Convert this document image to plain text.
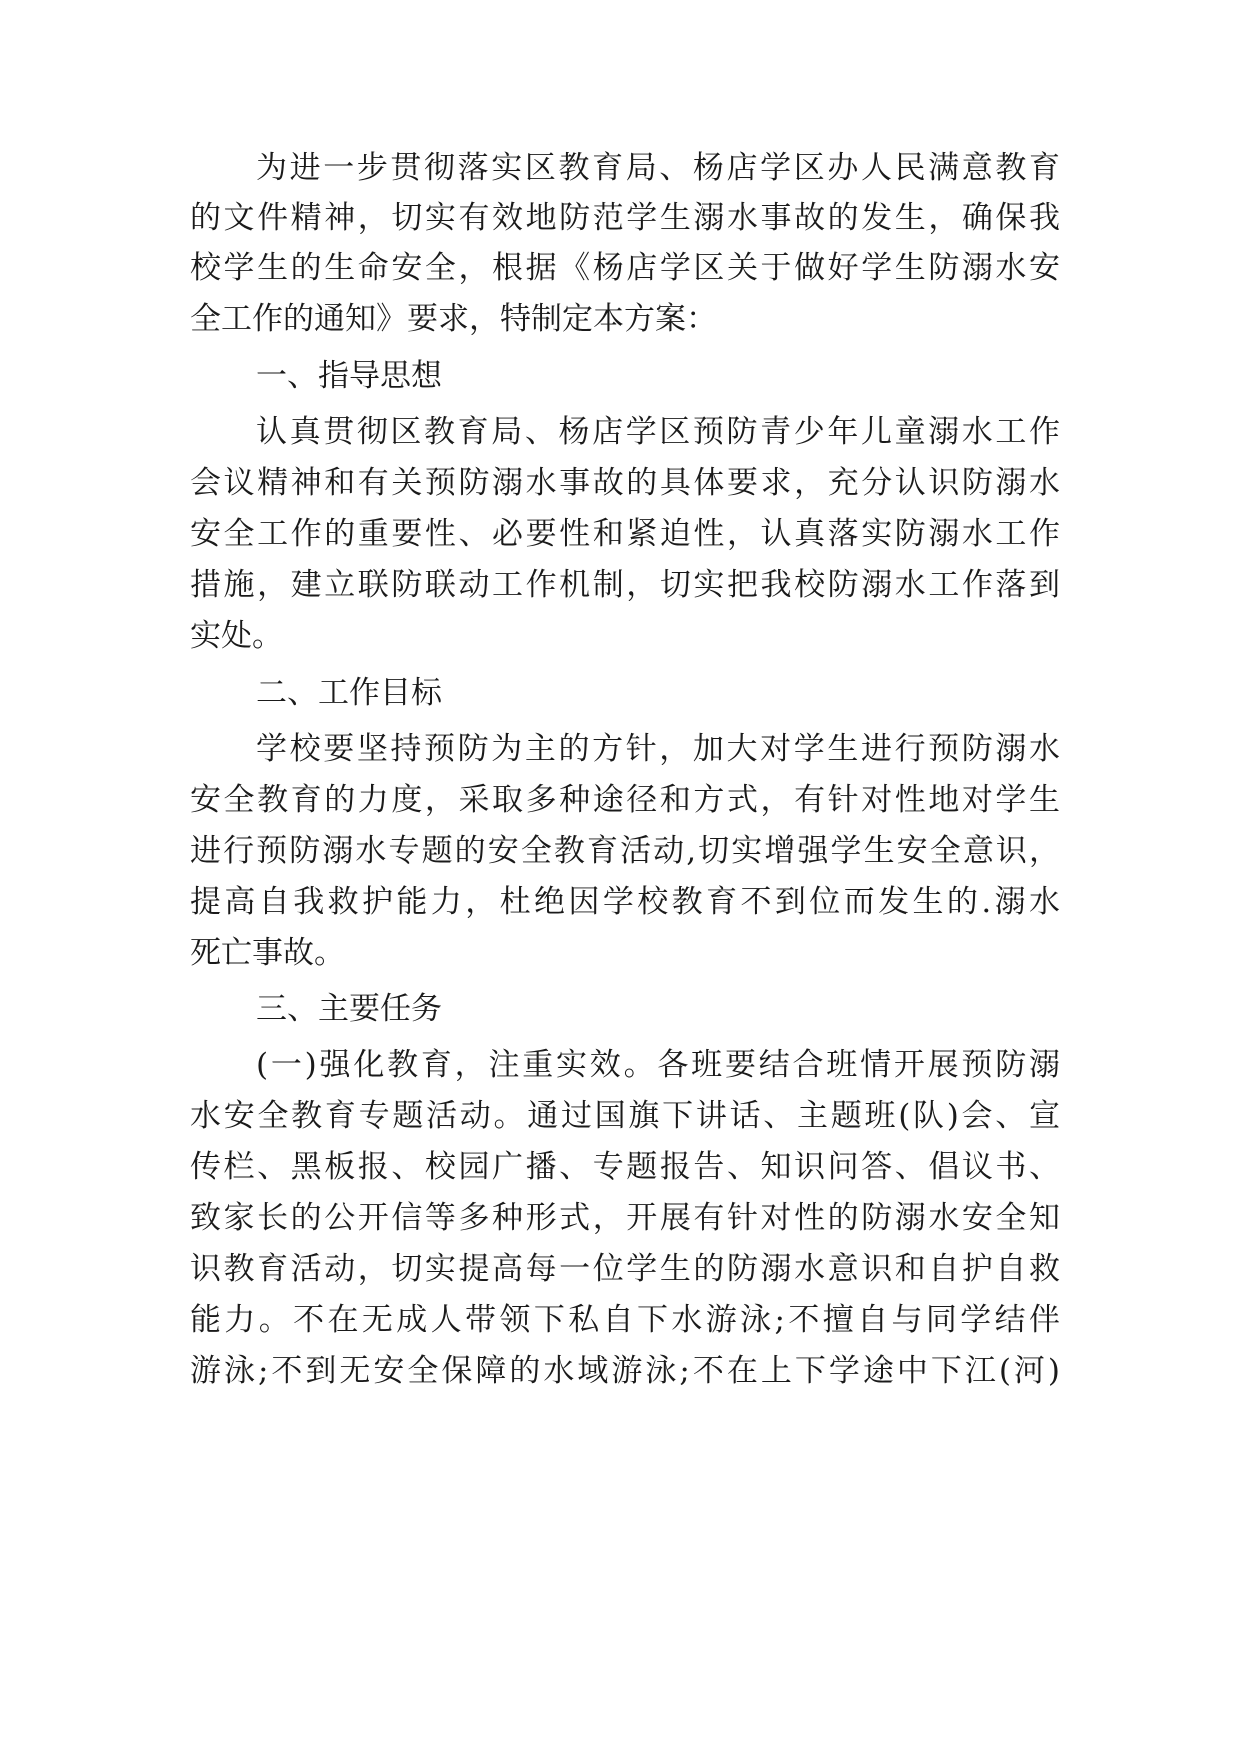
为进一步贯彻落实区教育局、杨店学区办人民满意教育
的文件精神，切实有效地防范学生溺水事故的发生，确保我
校学生的生命安全，根据《杨店学区关于做好学生防溺水安
全工作的通知》要求，特制定本方案：
一、指导思想
认真贯彻区教育局、杨店学区预防青少年儿童溺水工作
会议精神和有关预防溺水事故的具体要求，充分认识防溺水
安全工作的重要性、必要性和紧迫性，认真落实防溺水工作
措施，建立联防联动工作机制，切实把我校防溺水工作落到
实处。
二、工作目标
学校要坚持预防为主的方针，加大对学生进行预防溺水
安全教育的力度，采取多种途径和方式，有针对性地对学生
进行预防溺水专题的安全教育活动,切实增强学生安全意识，
提高自我救护能力，杜绝因学校教育不到位而发生的.溺水
死亡事故。
三、主要任务
(一)强化教育，注重实效。各班要结合班情开展预防溺
水安全教育专题活动。通过国旗下讲话、主题班(队)会、宣
传栏、黑板报、校园广播、专题报告、知识问答、倡议书、
致家长的公开信等多种形式，开展有针对性的防溺水安全知
识教育活动，切实提高每一位学生的防溺水意识和自护自救
能力。不在无成人带领下私自下水游泳;不擅自与同学结伴
游泳;不到无安全保障的水域游泳;不在上下学途中下江(河)
